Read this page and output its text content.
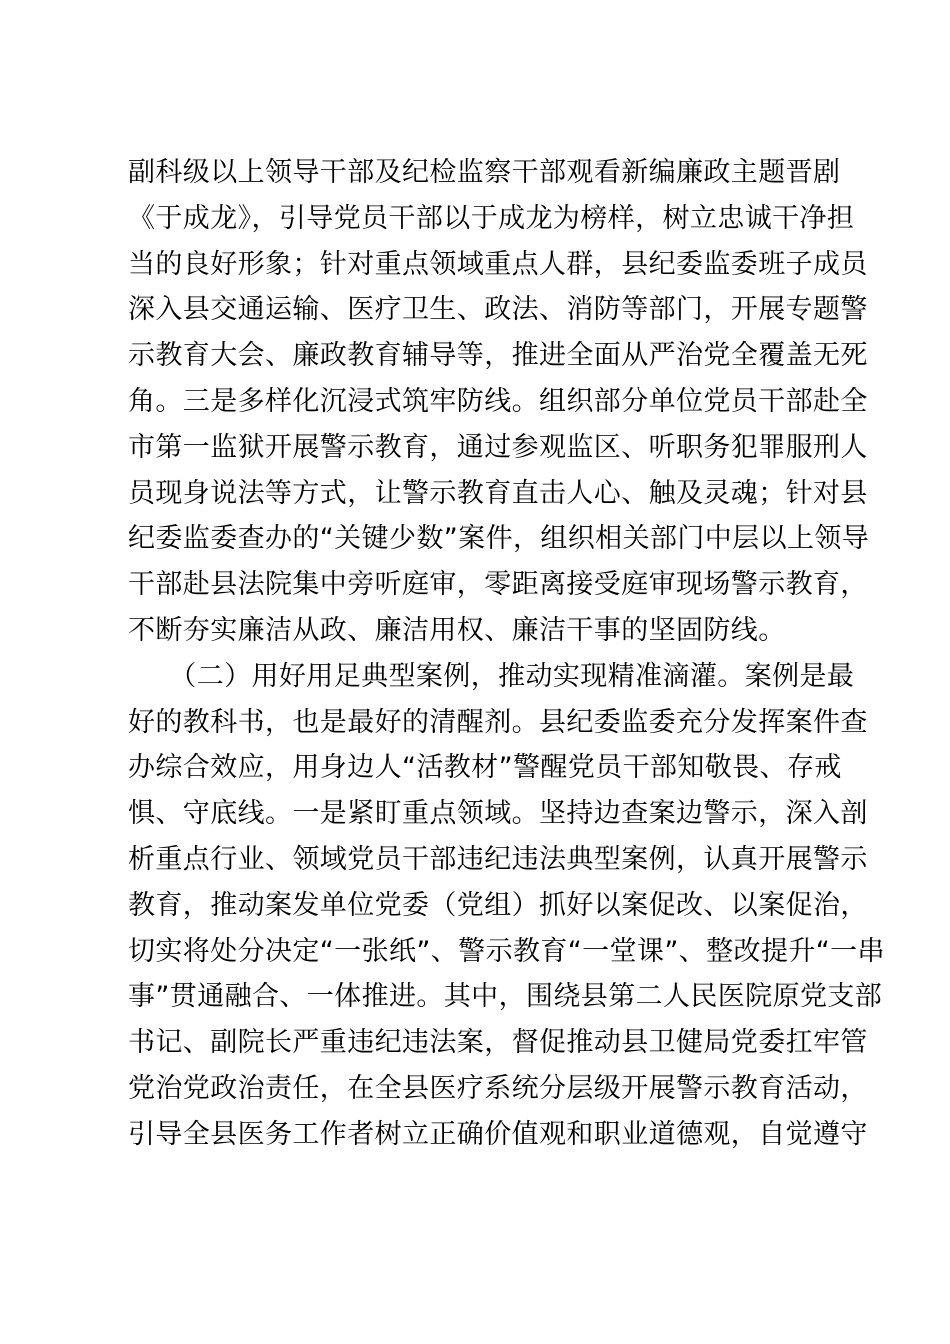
副科级以上领导干部及纪检监察干部观看新编廉政主题晋剧
《于成龙》，引导党员干部以于成龙为榜样，树立忠诚干净担
当的良好形象；针对重点领域重点人群，县纪委监委班子成员
深入县交通运输、医疗卫生、政法、消防等部门，开展专题警
示教育大会、廉政教育辅导等，推进全面从严治党全覆盖无死
角。三是多样化沉浸式筑牢防线。组织部分单位党员干部赴全
市第一监狱开展警示教育，通过参观监区、听职务犯罪服刑人
员现身说法等方式，让警示教育直击人心、触及灵魂；针对县
纪委监委查办的“关键少数”案件，组织相关部门中层以上领导
干部赴县法院集中旁听庭审，零距离接受庭审现场警示教育，
不断夯实廉洁从政、廉洁用权、廉洁干事的坚固防线。
　　（二）用好用足典型案例，推动实现精准滴灌。案例是最
好的教科书，也是最好的清醒剂。县纪委监委充分发挥案件查
办综合效应，用身边人“活教材”警醒党员干部知敬畏、存戒
惧、守底线。一是紧盯重点领域。坚持边查案边警示，深入剖
析重点行业、领域党员干部违纪违法典型案例，认真开展警示
教育，推动案发单位党委（党组）抓好以案促改、以案促治，
切实将处分决定“一张纸”、警示教育“一堂课”、整改提升“一串
事”贯通融合、一体推进。其中，围绕县第二人民医院原党支部
书记、副院长严重违纪违法案，督促推动县卫健局党委扛牢管
党治党政治责任，在全县医疗系统分层级开展警示教育活动，
引导全县医务工作者树立正确价值观和职业道德观，自觉遵守
